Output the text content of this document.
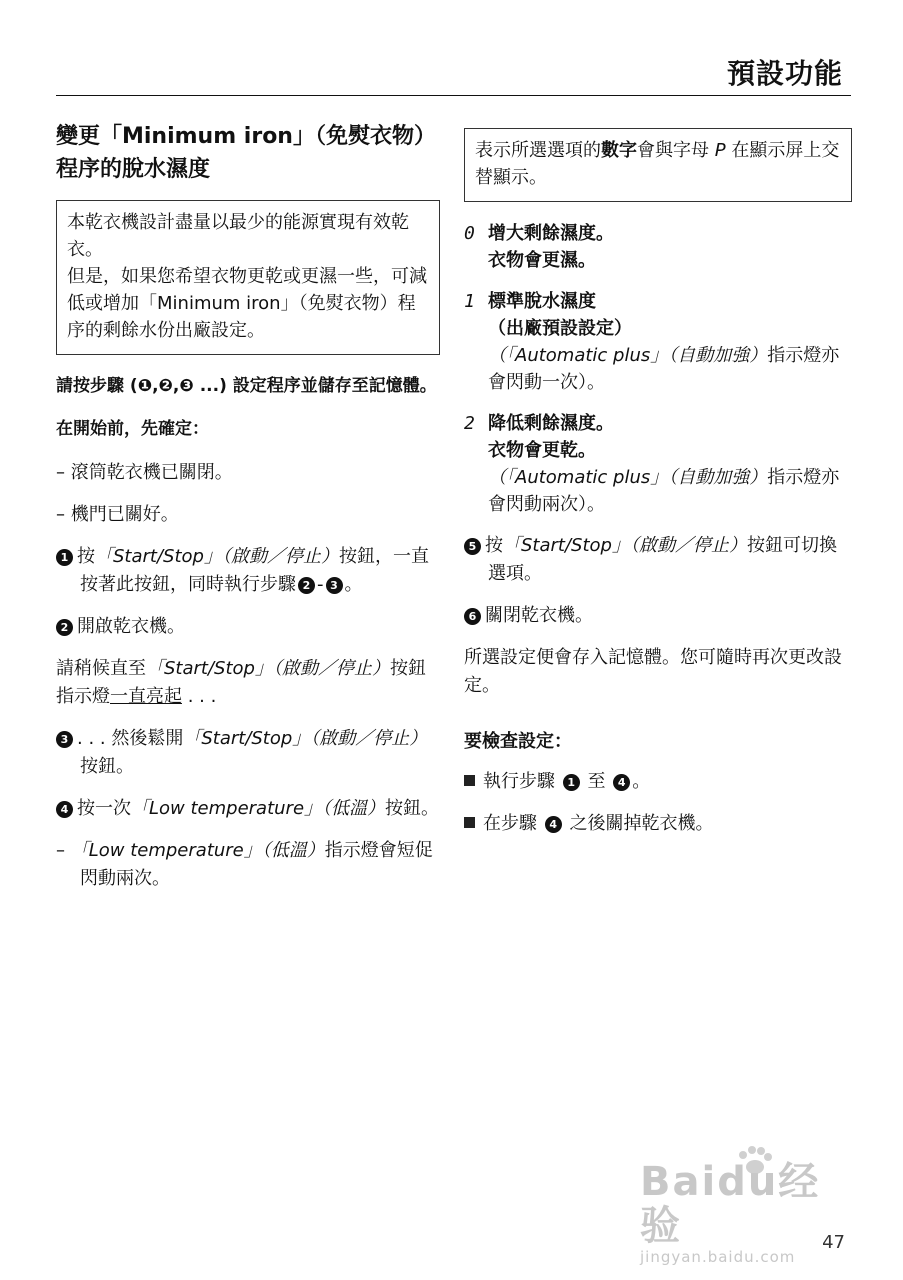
預設功能
變更「Minimum iron」（免熨衣物）程序的脫水濕度

本乾衣機設計盡量以最少的能源實現有效乾衣。

但是，如果您希望衣物更乾或更濕一些，可減低或增加「Minimum iron」（免熨衣物）程序的剩餘水份出廠設定。

請按步驟 (❶,❷,❸ ...) 設定程序並儲存至記憶體。

在開始前，先確定：

– 滾筒乾衣機已關閉。

– 機門已關好。

1 按「Start/Stop」（啟動／停止）按鈕，一直按著此按鈕，同時執行步驟 2 - 3 。

2 開啟乾衣機。

請稍候直至「Start/Stop」（啟動／停止）按鈕指示燈一直亮起 . . .

3 . . . 然後鬆開「Start/Stop」（啟動／停止）按鈕。

4 按一次「Low temperature」（低溫）按鈕。

– 「Low temperature」（低溫）指示燈會短促閃動兩次。

表示所選選項的數字會與字母 P 在顯示屏上交替顯示。

0 增大剩餘濕度。
衣物會更濕。
1 標準脫水濕度
（出廠預設設定）
（「Automatic plus」（自動加強）指示燈亦會閃動一次）。
2 降低剩餘濕度。
衣物會更乾。
（「Automatic plus」（自動加強）指示燈亦會閃動兩次）。

5 按「Start/Stop」（啟動／停止）按鈕可切換選項。

6 關閉乾衣機。

所選設定便會存入記憶體。您可隨時再次更改設定。

要檢查設定：

執行步驟 1 至 4 。

在步驟 4 之後關掉乾衣機。

Baidu经验
jingyan.baidu.com
47
